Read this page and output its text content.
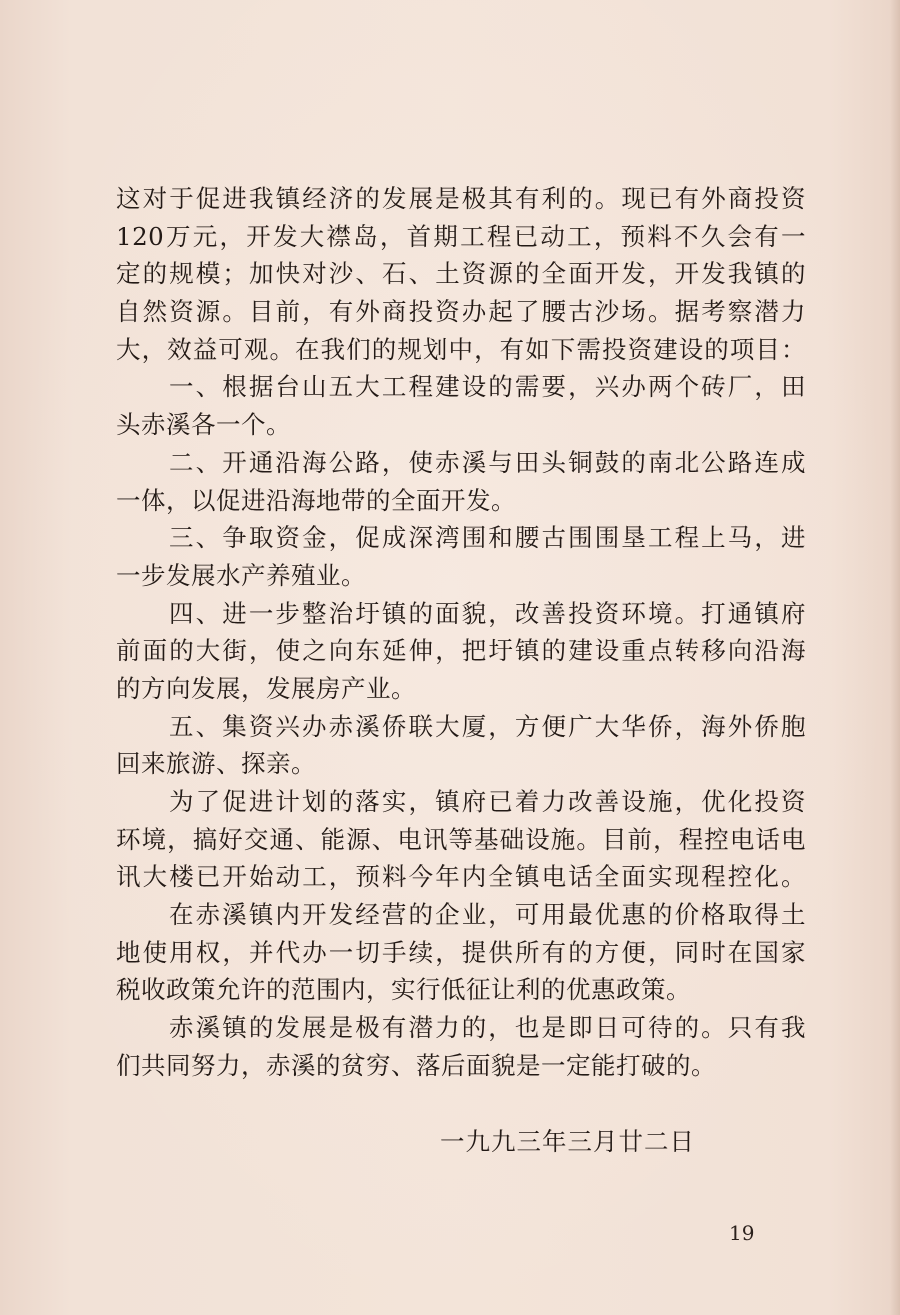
这对于促进我镇经济的发展是极其有利的。现已有外商投资
120万元，开发大襟岛，首期工程已动工，预料不久会有一
定的规模；加快对沙、石、土资源的全面开发，开发我镇的
自然资源。目前，有外商投资办起了腰古沙场。据考察潜力
大，效益可观。在我们的规划中，有如下需投资建设的项目：
一、根据台山五大工程建设的需要，兴办两个砖厂，田
头赤溪各一个。
二、开通沿海公路，使赤溪与田头铜鼓的南北公路连成
一体，以促进沿海地带的全面开发。
三、争取资金，促成深湾围和腰古围围垦工程上马，进
一步发展水产养殖业。
四、进一步整治圩镇的面貌，改善投资环境。打通镇府
前面的大街，使之向东延伸，把圩镇的建设重点转移向沿海
的方向发展，发展房产业。
五、集资兴办赤溪侨联大厦，方便广大华侨，海外侨胞
回来旅游、探亲。
为了促进计划的落实，镇府已着力改善设施，优化投资
环境，搞好交通、能源、电讯等基础设施。目前，程控电话电
讯大楼已开始动工，预料今年内全镇电话全面实现程控化。
在赤溪镇内开发经营的企业，可用最优惠的价格取得土
地使用权，并代办一切手续，提供所有的方便，同时在国家
税收政策允许的范围内，实行低征让利的优惠政策。
赤溪镇的发展是极有潜力的，也是即日可待的。只有我
们共同努力，赤溪的贫穷、落后面貌是一定能打破的。
一九九三年三月廿二日
19
